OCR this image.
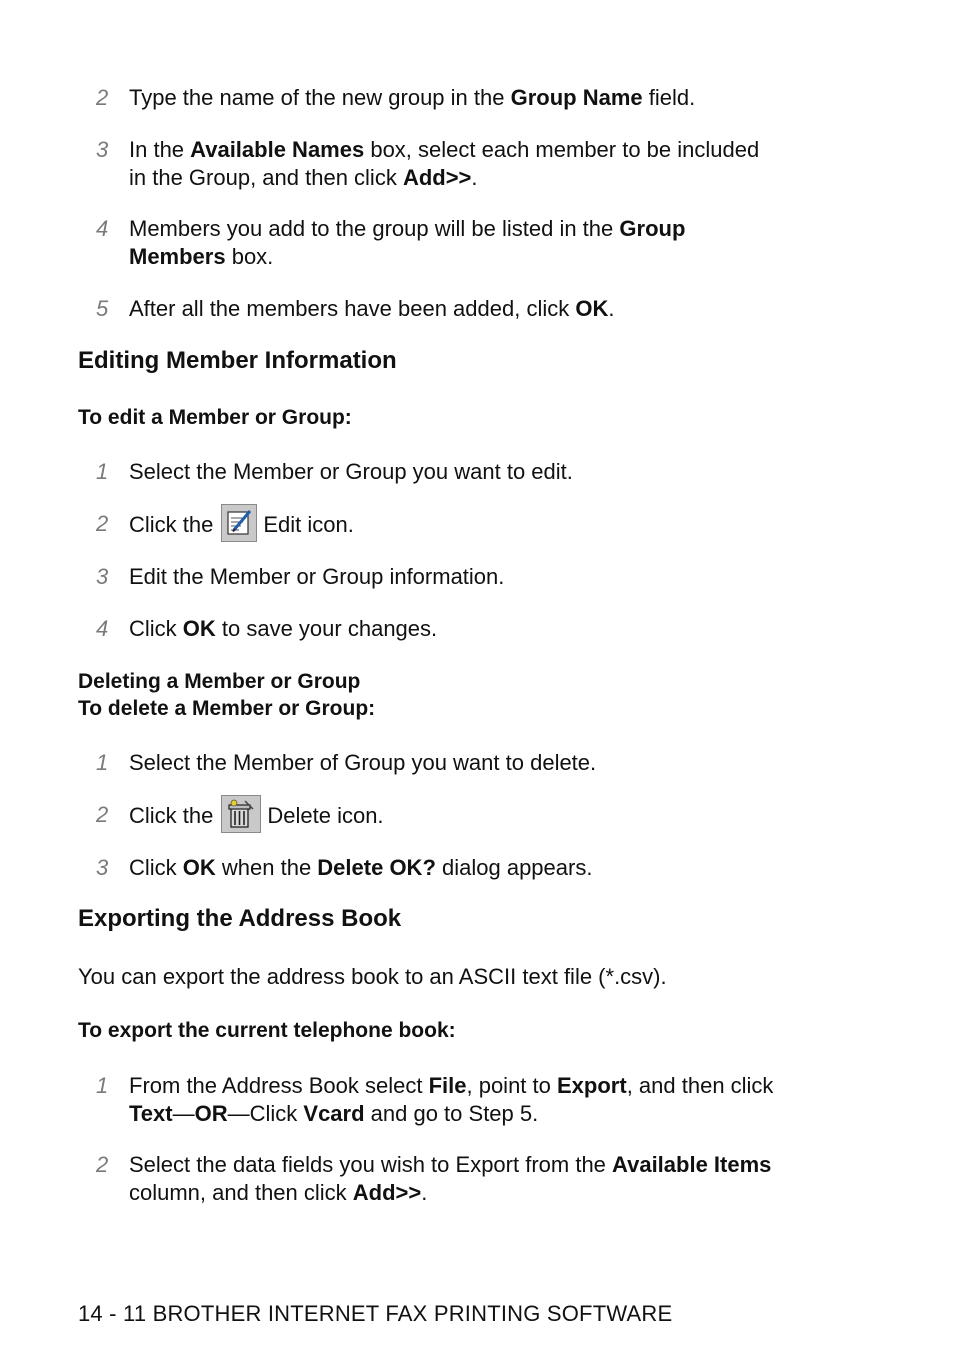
2 Type the name of the new group in the Group Name field.
3 In the Available Names box, select each member to be included in the Group, and then click Add>>.
4 Members you add to the group will be listed in the Group Members box.
5 After all the members have been added, click OK.
Editing Member Information
To edit a Member or Group:
1 Select the Member or Group you want to edit.
2 Click the Edit icon.
3 Edit the Member or Group information.
4 Click OK to save your changes.
Deleting a Member or Group
To delete a Member or Group:
1 Select the Member of Group you want to delete.
2 Click the Delete icon.
3 Click OK when the Delete OK? dialog appears.
Exporting the Address Book
You can export the address book to an ASCII text file (*.csv).
To export the current telephone book:
1 From the Address Book select File, point to Export, and then click Text—OR—Click Vcard and go to Step 5.
2 Select the data fields you wish to Export from the Available Items column, and then click Add>>.
14 - 11 BROTHER INTERNET FAX PRINTING SOFTWARE
